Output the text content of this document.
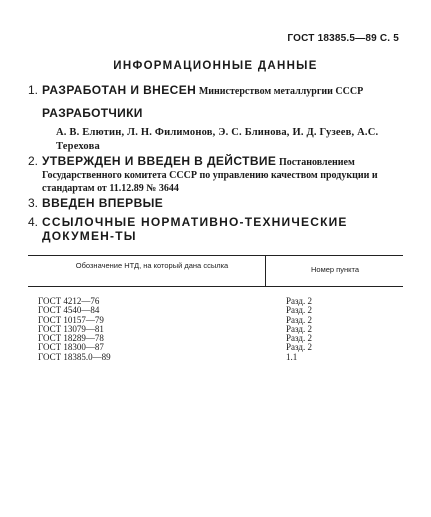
ГОСТ 18385.5—89 С. 5
ИНФОРМАЦИОННЫЕ ДАННЫЕ
1. РАЗРАБОТАН И ВНЕСЕН Министерством металлургии СССР
РАЗРАБОТЧИКИ
А. В. Елютин, Л. Н. Филимонов, Э. С. Блинова, И. Д. Гузеев, А.С. Терехова
2. УТВЕРЖДЕН И ВВЕДЕН В ДЕЙСТВИЕ Постановлением Государственного комитета СССР по управлению качеством продукции и стандартам от 11.12.89 № 3644
3. ВВЕДЕН ВПЕРВЫЕ
4. ССЫЛОЧНЫЕ НОРМАТИВНО-ТЕХНИЧЕСКИЕ ДОКУМЕН-ТЫ
Обозначение НТД, на который дана ссылка	Номер пункта
ГОСТ 4212—76	Разд. 2
ГОСТ 4540—84	Разд. 2
ГОСТ 10157—79	Разд. 2
ГОСТ 13079—81	Разд. 2
ГОСТ 18289—78	Разд. 2
ГОСТ 18300—87	Разд. 2
ГОСТ 18385.0—89	1.1
